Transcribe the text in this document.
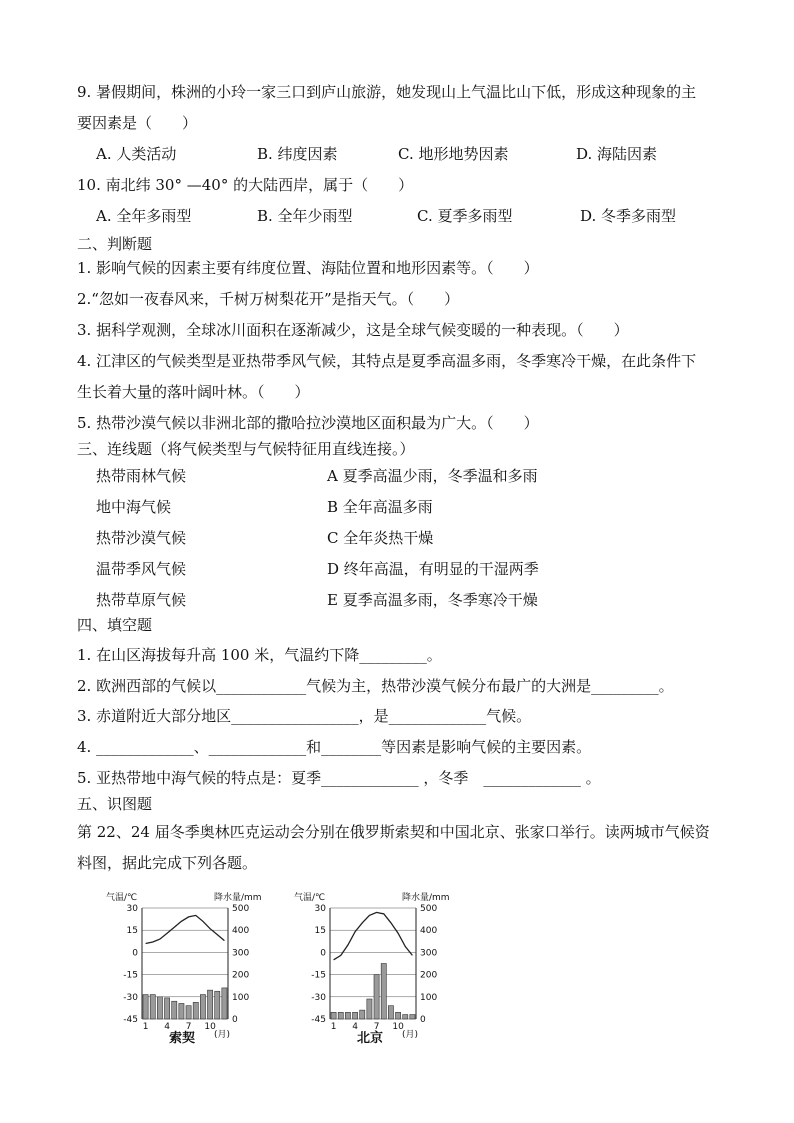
9. 暑假期间，株洲的小玲一家三口到庐山旅游，她发现山上气温比山下低，形成这种现象的主
要因素是（　　）
A. 人类活动	B. 纬度因素	C. 地形地势因素	D. 海陆因素
10. 南北纬 30° —40° 的大陆西岸，属于（　　）
A. 全年多雨型	B. 全年少雨型	C. 夏季多雨型	D. 冬季多雨型
二、判断题
1. 影响气候的因素主要有纬度位置、海陆位置和地形因素等。（　　）
2.“忽如一夜春风来，千树万树梨花开”是指天气。（　　）
3. 据科学观测，全球冰川面积在逐渐减少，这是全球气候变暖的一种表现。（　　）
4. 江津区的气候类型是亚热带季风气候，其特点是夏季高温多雨，冬季寒冷干燥，在此条件下
生长着大量的落叶阔叶林。（　　）
5. 热带沙漠气候以非洲北部的撒哈拉沙漠地区面积最为广大。（　　）
三、连线题（将气候类型与气候特征用直线连接。）
热带雨林气候	A 夏季高温少雨，冬季温和多雨
地中海气候	B 全年高温多雨
热带沙漠气候	C 全年炎热干燥
温带季风气候	D 终年高温，有明显的干湿两季
热带草原气候	E 夏季高温多雨，冬季寒冷干燥
四、填空题
1. 在山区海拔每升高 100 米，气温约下降_________。
2. 欧洲西部的气候以____________气候为主，热带沙漠气候分布最广的大洲是_________。
3. 赤道附近大部分地区_________________，是_____________气候。
4. _____________、_____________和________等因素是影响气候的主要因素。
5. 亚热带地中海气候的特点是：夏季_____________ ，冬季　_____________ 。
五、识图题
第 22、24 届冬季奥林匹克运动会分别在俄罗斯索契和中国北京、张家口举行。读两城市气候资
料图，据此完成下列各题。
气温/℃	降水量/mm
30	500
15	400
0	300
-15	200
-30	100
-45	0
1 4 7 10
(月)
索契
气温/℃	降水量/mm
30	500
15	400
0	300
-15	200
-30	100
-45	0
1 4 7 10
(月)
北京
